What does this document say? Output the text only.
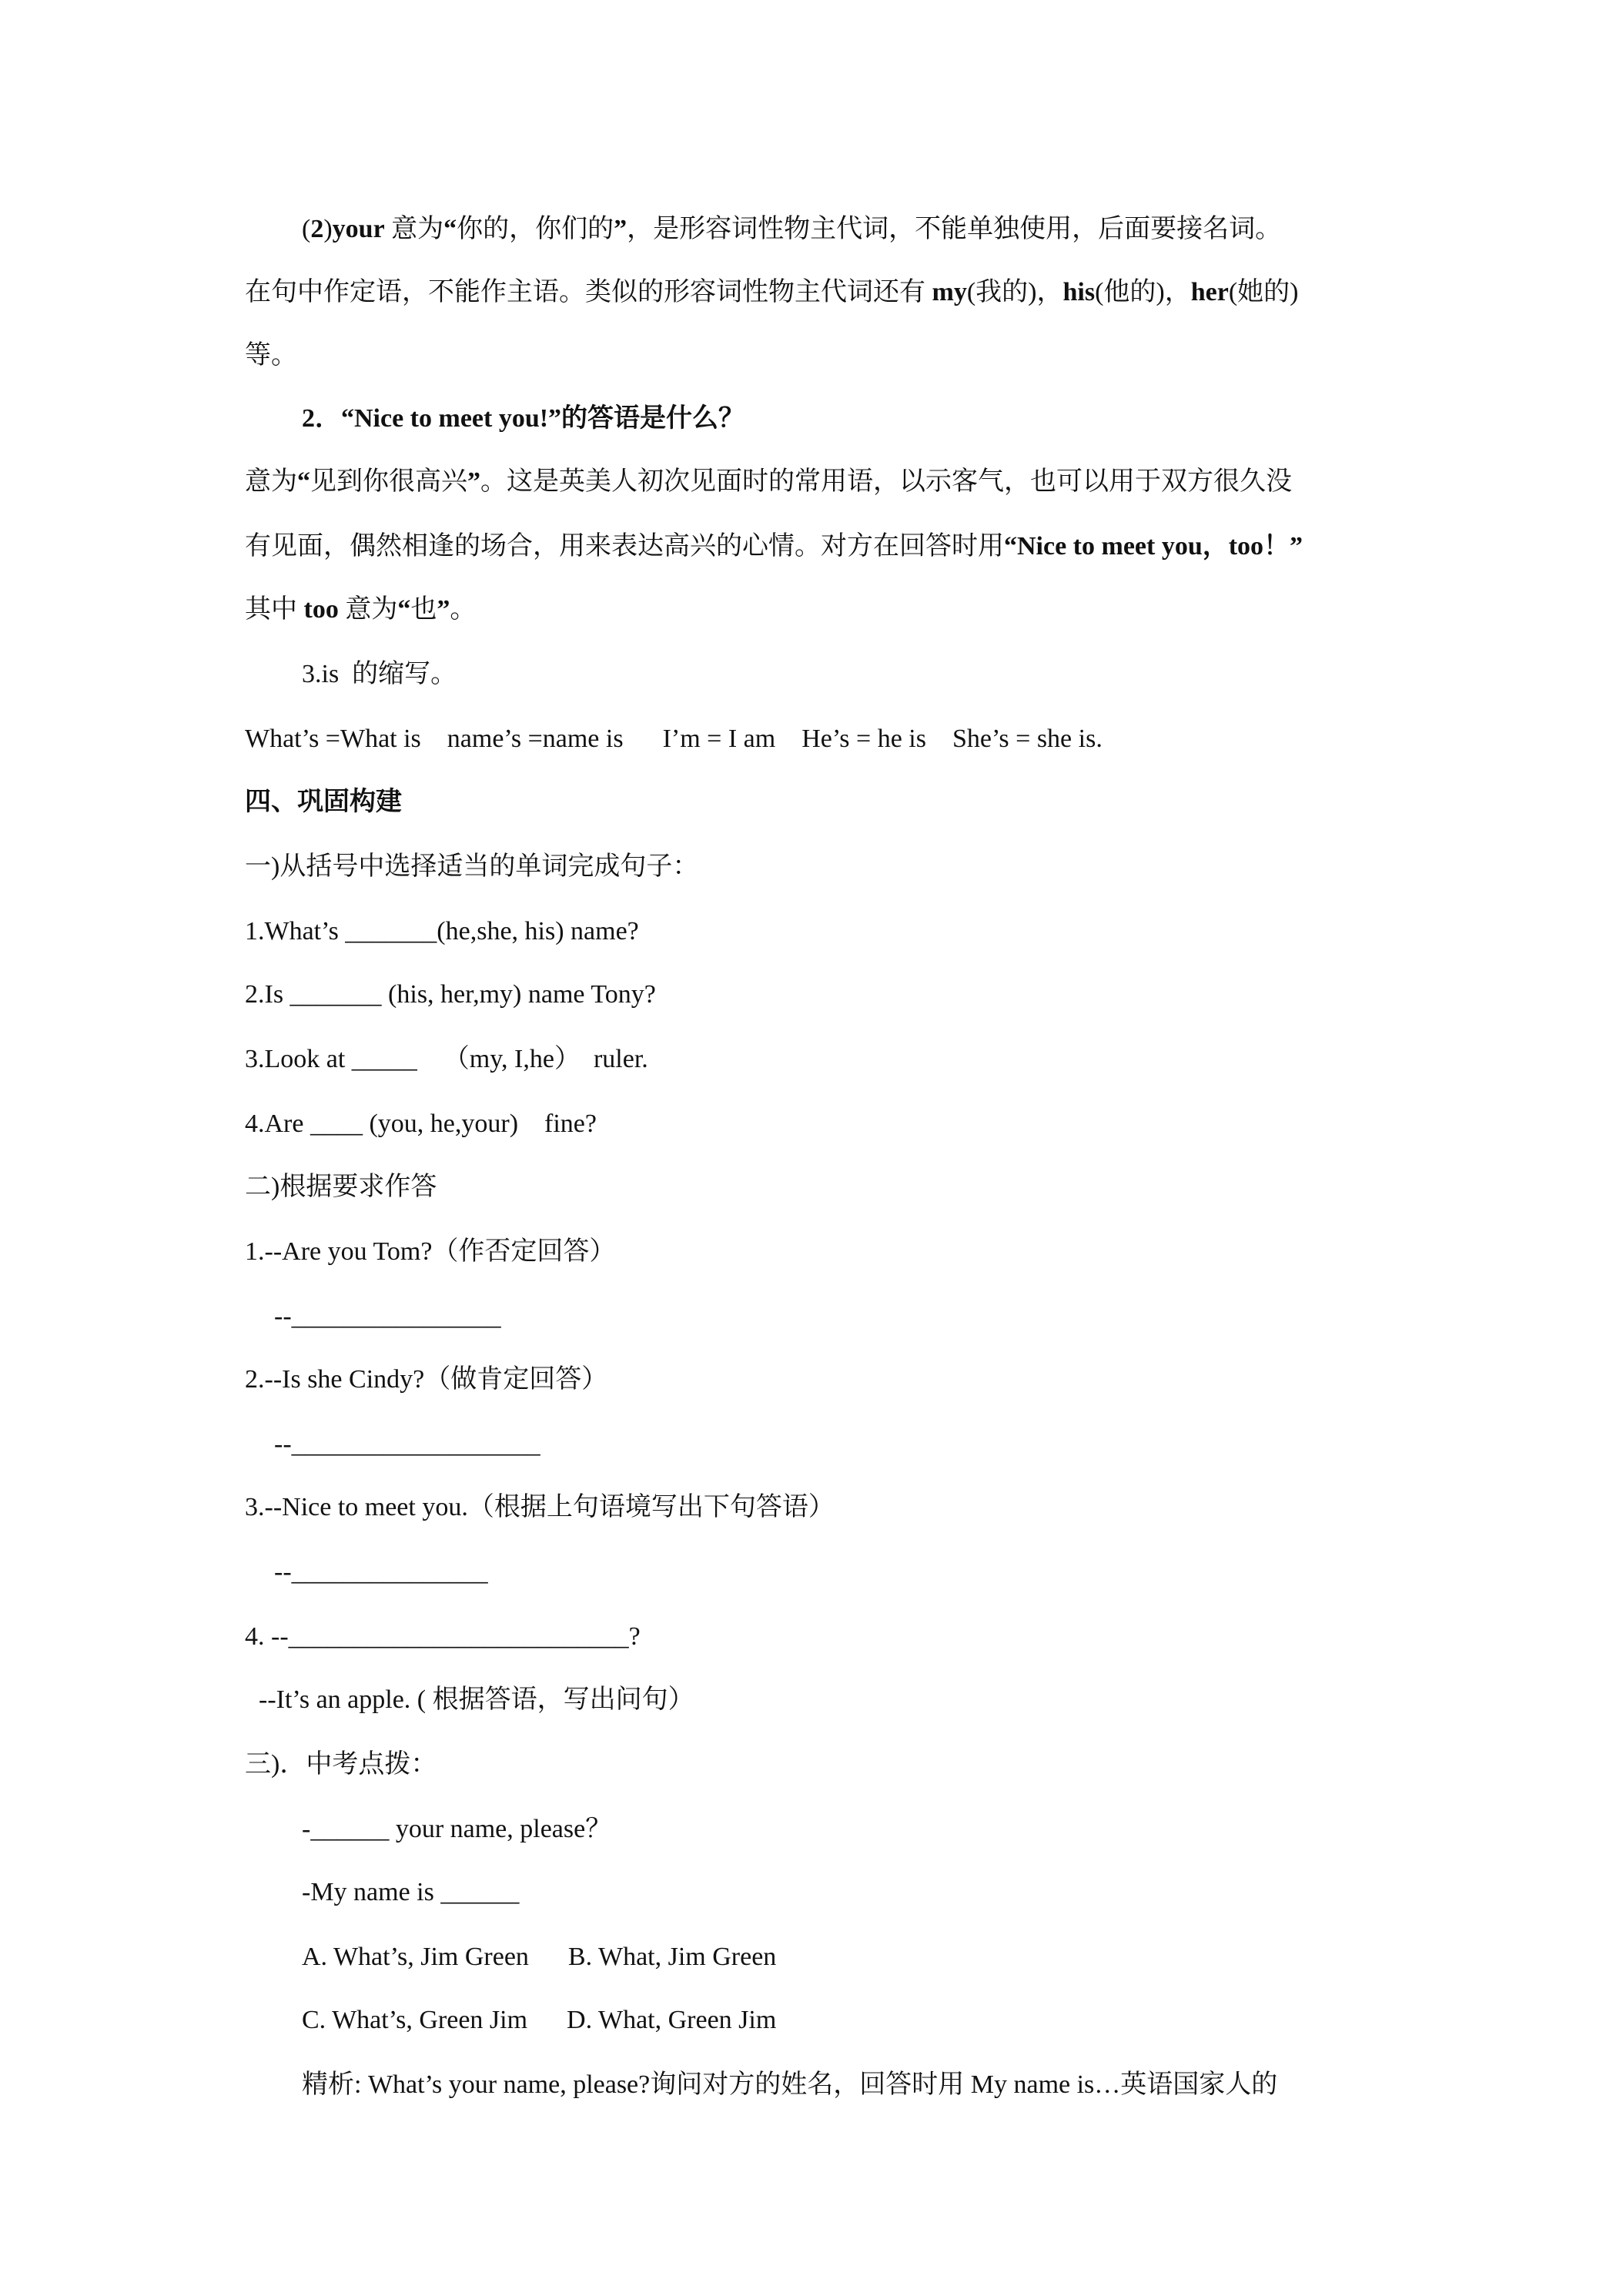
(2)your 意为“你的，你们的”，是形容词性物主代词，不能单独使用，后面要接名词。
在句中作定语，不能作主语。类似的形容词性物主代词还有 my(我的)，his(他的)，her(她的)
等。
2．“Nice to meet you!”的答语是什么？
意为“见到你很高兴”。这是英美人初次见面时的常用语，以示客气，也可以用于双方很久没
有见面，偶然相逢的场合，用来表达高兴的心情。对方在回答时用“Nice to meet you，too！”
其中 too 意为“也”。
3.is  的缩写。
What’s =What is    name’s =name is      I’m = I am    He’s = he is    She’s = she is.
四、巩固构建
一)从括号中选择适当的单词完成句子：
1.What’s _______(he,she, his) name?
2.Is _______ (his, her,my) name Tony?
3.Look at _____    （my, I,he）  ruler.
4.Are ____ (you, he,your)    fine?
二)根据要求作答
1.--Are you Tom?（作否定回答）
--________________
2.--Is she Cindy?（做肯定回答）
--___________________
3.--Nice to meet you.（根据上句语境写出下句答语）
--_______________
4. --__________________________?
--It’s an apple. ( 根据答语，写出问句）
三)．中考点拨：
-______ your name, please？
-My name is ______
A. What’s, Jim Green      B. What, Jim Green
C. What’s, Green Jim      D. What, Green Jim
精析: What’s your name, please?询问对方的姓名，回答时用 My name is…英语国家人的
